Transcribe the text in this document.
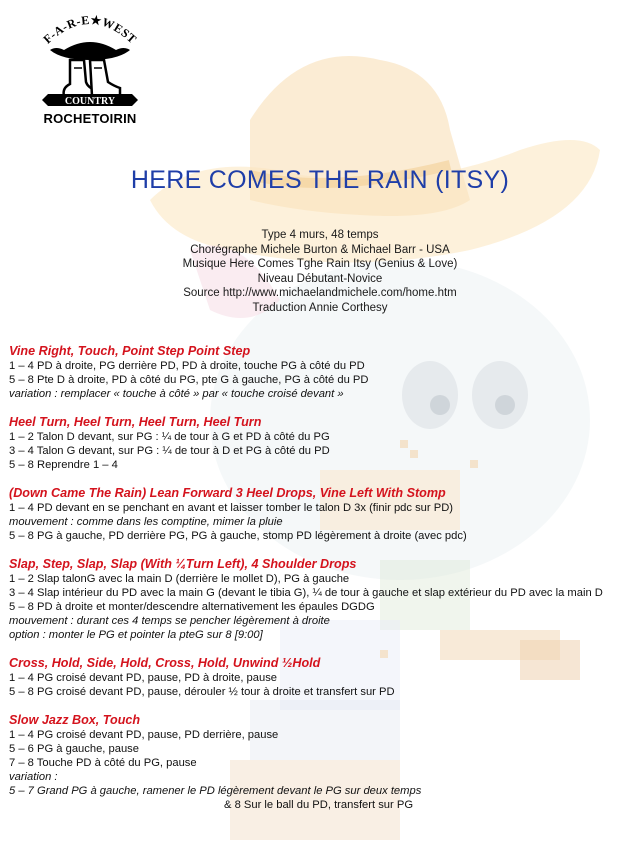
F-A-R-E★WEST
COUNTRY
ROCHETOIRIN
HERE COMES THE RAIN (ITSY)
Type 4 murs, 48 temps
Chorégraphe Michele Burton & Michael Barr - USA
Musique Here Comes Tghe Rain Itsy (Genius & Love)
Niveau Débutant-Novice
Source http://www.michaelandmichele.com/home.htm
Traduction Annie Corthesy
Vine Right, Touch, Point Step Point Step
1 – 4 PD à droite, PG derrière PD, PD à droite, touche PG à côté du PD
5 – 8 Pte D à droite, PD à côté du PG, pte G à gauche, PG à côté du PD
variation : remplacer « touche à côté » par « touche croisé devant »
Heel Turn, Heel Turn, Heel Turn, Heel Turn
1 – 2 Talon D devant, sur PG : ¼ de tour à G et PD à côté du PG
3 – 4 Talon G devant, sur PG : ¼ de tour à D et PG à côté du PD
5 – 8 Reprendre 1 – 4
(Down Came The Rain) Lean Forward 3 Heel Drops, Vine Left With Stomp
1 – 4 PD devant en se penchant en avant et laisser tomber le talon D 3x (finir pdc sur PD)
mouvement : comme dans les comptine, mimer la pluie
5 – 8 PG à gauche, PD derrière PG, PG à gauche, stomp PD légèrement à droite (avec pdc)
Slap, Step, Slap, Slap (With ¼Turn Left), 4 Shoulder Drops
1 – 2 Slap talonG avec la main D (derrière le mollet D), PG à gauche
3 – 4 Slap intérieur du PD avec la main G (devant le tibia G), ¼ de tour à gauche et slap extérieur du PD avec la main D
5 – 8 PD à droite et monter/descendre alternativement les épaules DGDG
mouvement : durant ces 4 temps se pencher légèrement à droite
option : monter le PG et pointer la pteG sur 8 [9:00]
Cross, Hold, Side, Hold, Cross, Hold, Unwind ½Hold
1 – 4 PG croisé devant PD, pause, PD à droite, pause
5 – 8 PG croisé devant PD, pause, dérouler ½ tour à droite et transfert sur PD
Slow Jazz Box, Touch
1 – 4 PG croisé devant PD, pause, PD derrière, pause
5 – 6 PG à gauche, pause
7 – 8 Touche PD à côté du PG, pause
variation :
5 – 7 Grand PG à gauche, ramener le PD légèrement devant le PG sur deux temps
& 8 Sur le ball du PD, transfert sur PG
